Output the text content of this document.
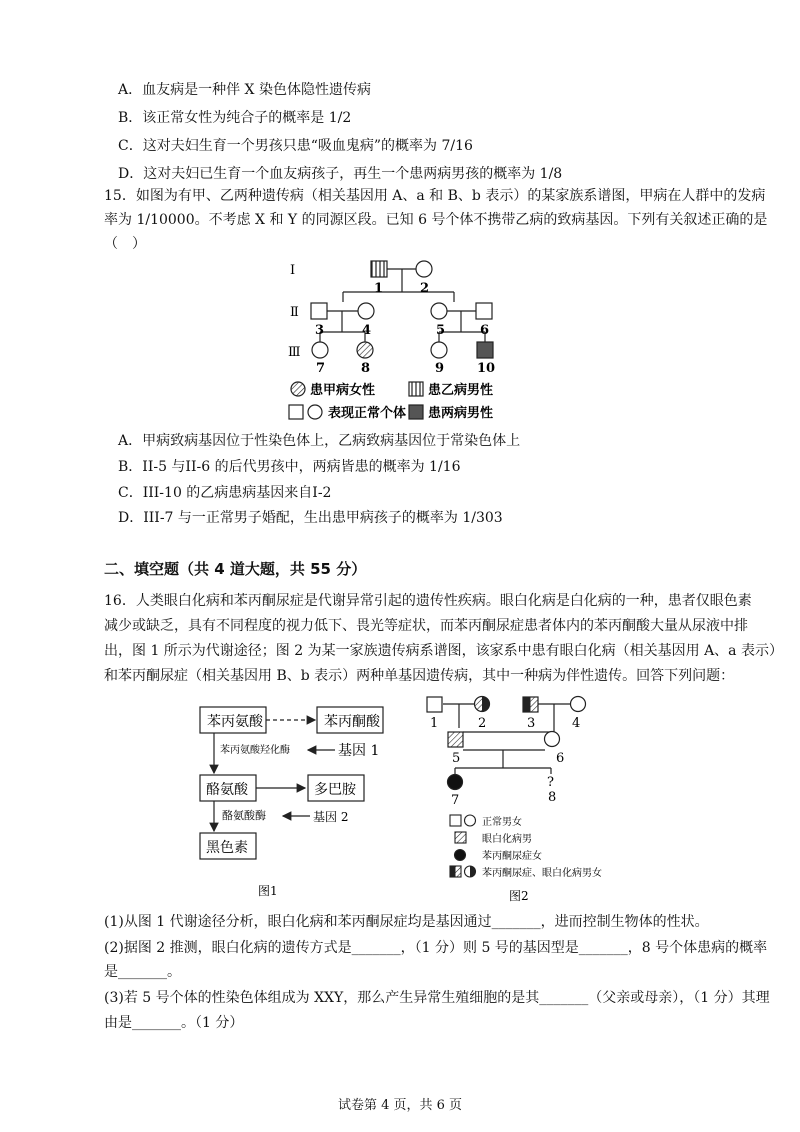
A．血友病是一种伴 X 染色体隐性遗传病
B．该正常女性为纯合子的概率是 1/2
C．这对夫妇生育一个男孩只患“吸血鬼病”的概率为 7/16
D．这对夫妇已生育一个血友病孩子，再生一个患两病男孩的概率为 1/8
15．如图为有甲、乙两种遗传病（相关基因用 A、a 和 B、b 表示）的某家族系谱图，甲病在人群中的发病
率为 1/10000。不考虑 X 和 Y 的同源区段。已知 6 号个体不携带乙病的致病基因。下列有关叙述正确的是
（　）
Ⅰ
Ⅱ
Ⅲ
1	2
3	4	5	6
7	8	9	10
患甲病女性	患乙病男性
表现正常个体 患两病男性
A．甲病致病基因位于性染色体上，乙病致病基因位于常染色体上
B．II-5 与II-6 的后代男孩中，两病皆患的概率为 1/16
C．III-10 的乙病患病基因来自I-2
D．III-7 与一正常男子婚配，生出患甲病孩子的概率为 1/303
二、填空题（共 4 道大题，共 55 分）
16．人类眼白化病和苯丙酮尿症是代谢异常引起的遗传性疾病。眼白化病是白化病的一种，患者仅眼色素
减少或缺乏，具有不同程度的视力低下、畏光等症状，而苯丙酮尿症患者体内的苯丙酮酸大量从尿液中排
出，图 1 所示为代谢途径；图 2 为某一家族遗传病系谱图，该家系中患有眼白化病（相关基因用 A、a 表示）
和苯丙酮尿症（相关基因用 B、b 表示）两种单基因遗传病，其中一种病为伴性遗传。回答下列问题：
苯丙氨酸	苯丙酮酸
苯丙氨酸羟化酶	基因 1
酪氨酸	多巴胺
酪氨酸酶	基因 2
黑色素
图1
1	2	3	4
5	6
7
?
8
正常男女
眼白化病男
苯丙酮尿症女
苯丙酮尿症、眼白化病男女
图2
(1)从图 1 代谢途径分析，眼白化病和苯丙酮尿症均是基因通过_______，进而控制生物体的性状。
(2)据图 2 推测，眼白化病的遗传方式是_______，（1 分）则 5 号的基因型是_______，8 号个体患病的概率
是_______。
(3)若 5 号个体的性染色体组成为 XXY，那么产生异常生殖细胞的是其_______（父亲或母亲），（1 分）其理
由是_______。（1 分）
试卷第 4 页，共 6 页
